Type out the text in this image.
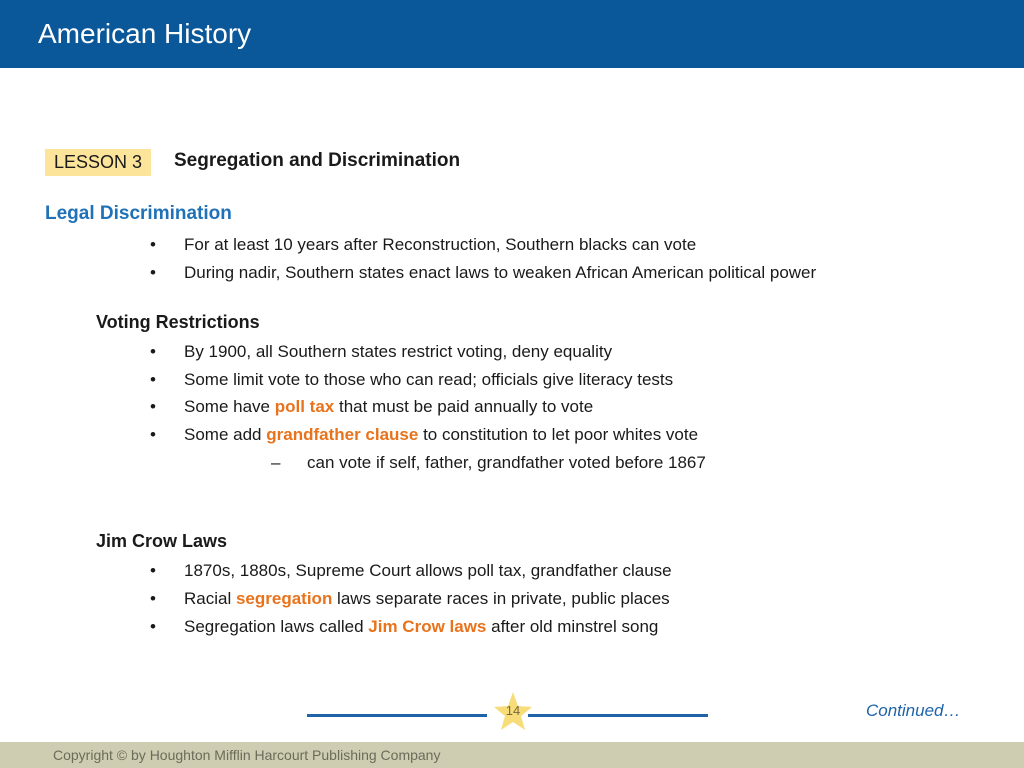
American History
LESSON 3	Segregation and Discrimination
Legal Discrimination
• For at least 10 years after Reconstruction, Southern blacks can vote
• During nadir, Southern states enact laws to weaken African American political power
Voting Restrictions
• By 1900, all Southern states restrict voting, deny equality
• Some limit vote to those who can read; officials give literacy tests
• Some have poll tax that must be paid annually to vote
• Some add grandfather clause to constitution to let poor whites vote
– can vote if self, father, grandfather voted before 1867
Jim Crow Laws
• 1870s, 1880s, Supreme Court allows poll tax, grandfather clause
• Racial segregation laws separate races in private, public places
• Segregation laws called Jim Crow laws after old minstrel song
14	Continued…
Copyright © by Houghton Mifflin Harcourt Publishing Company
